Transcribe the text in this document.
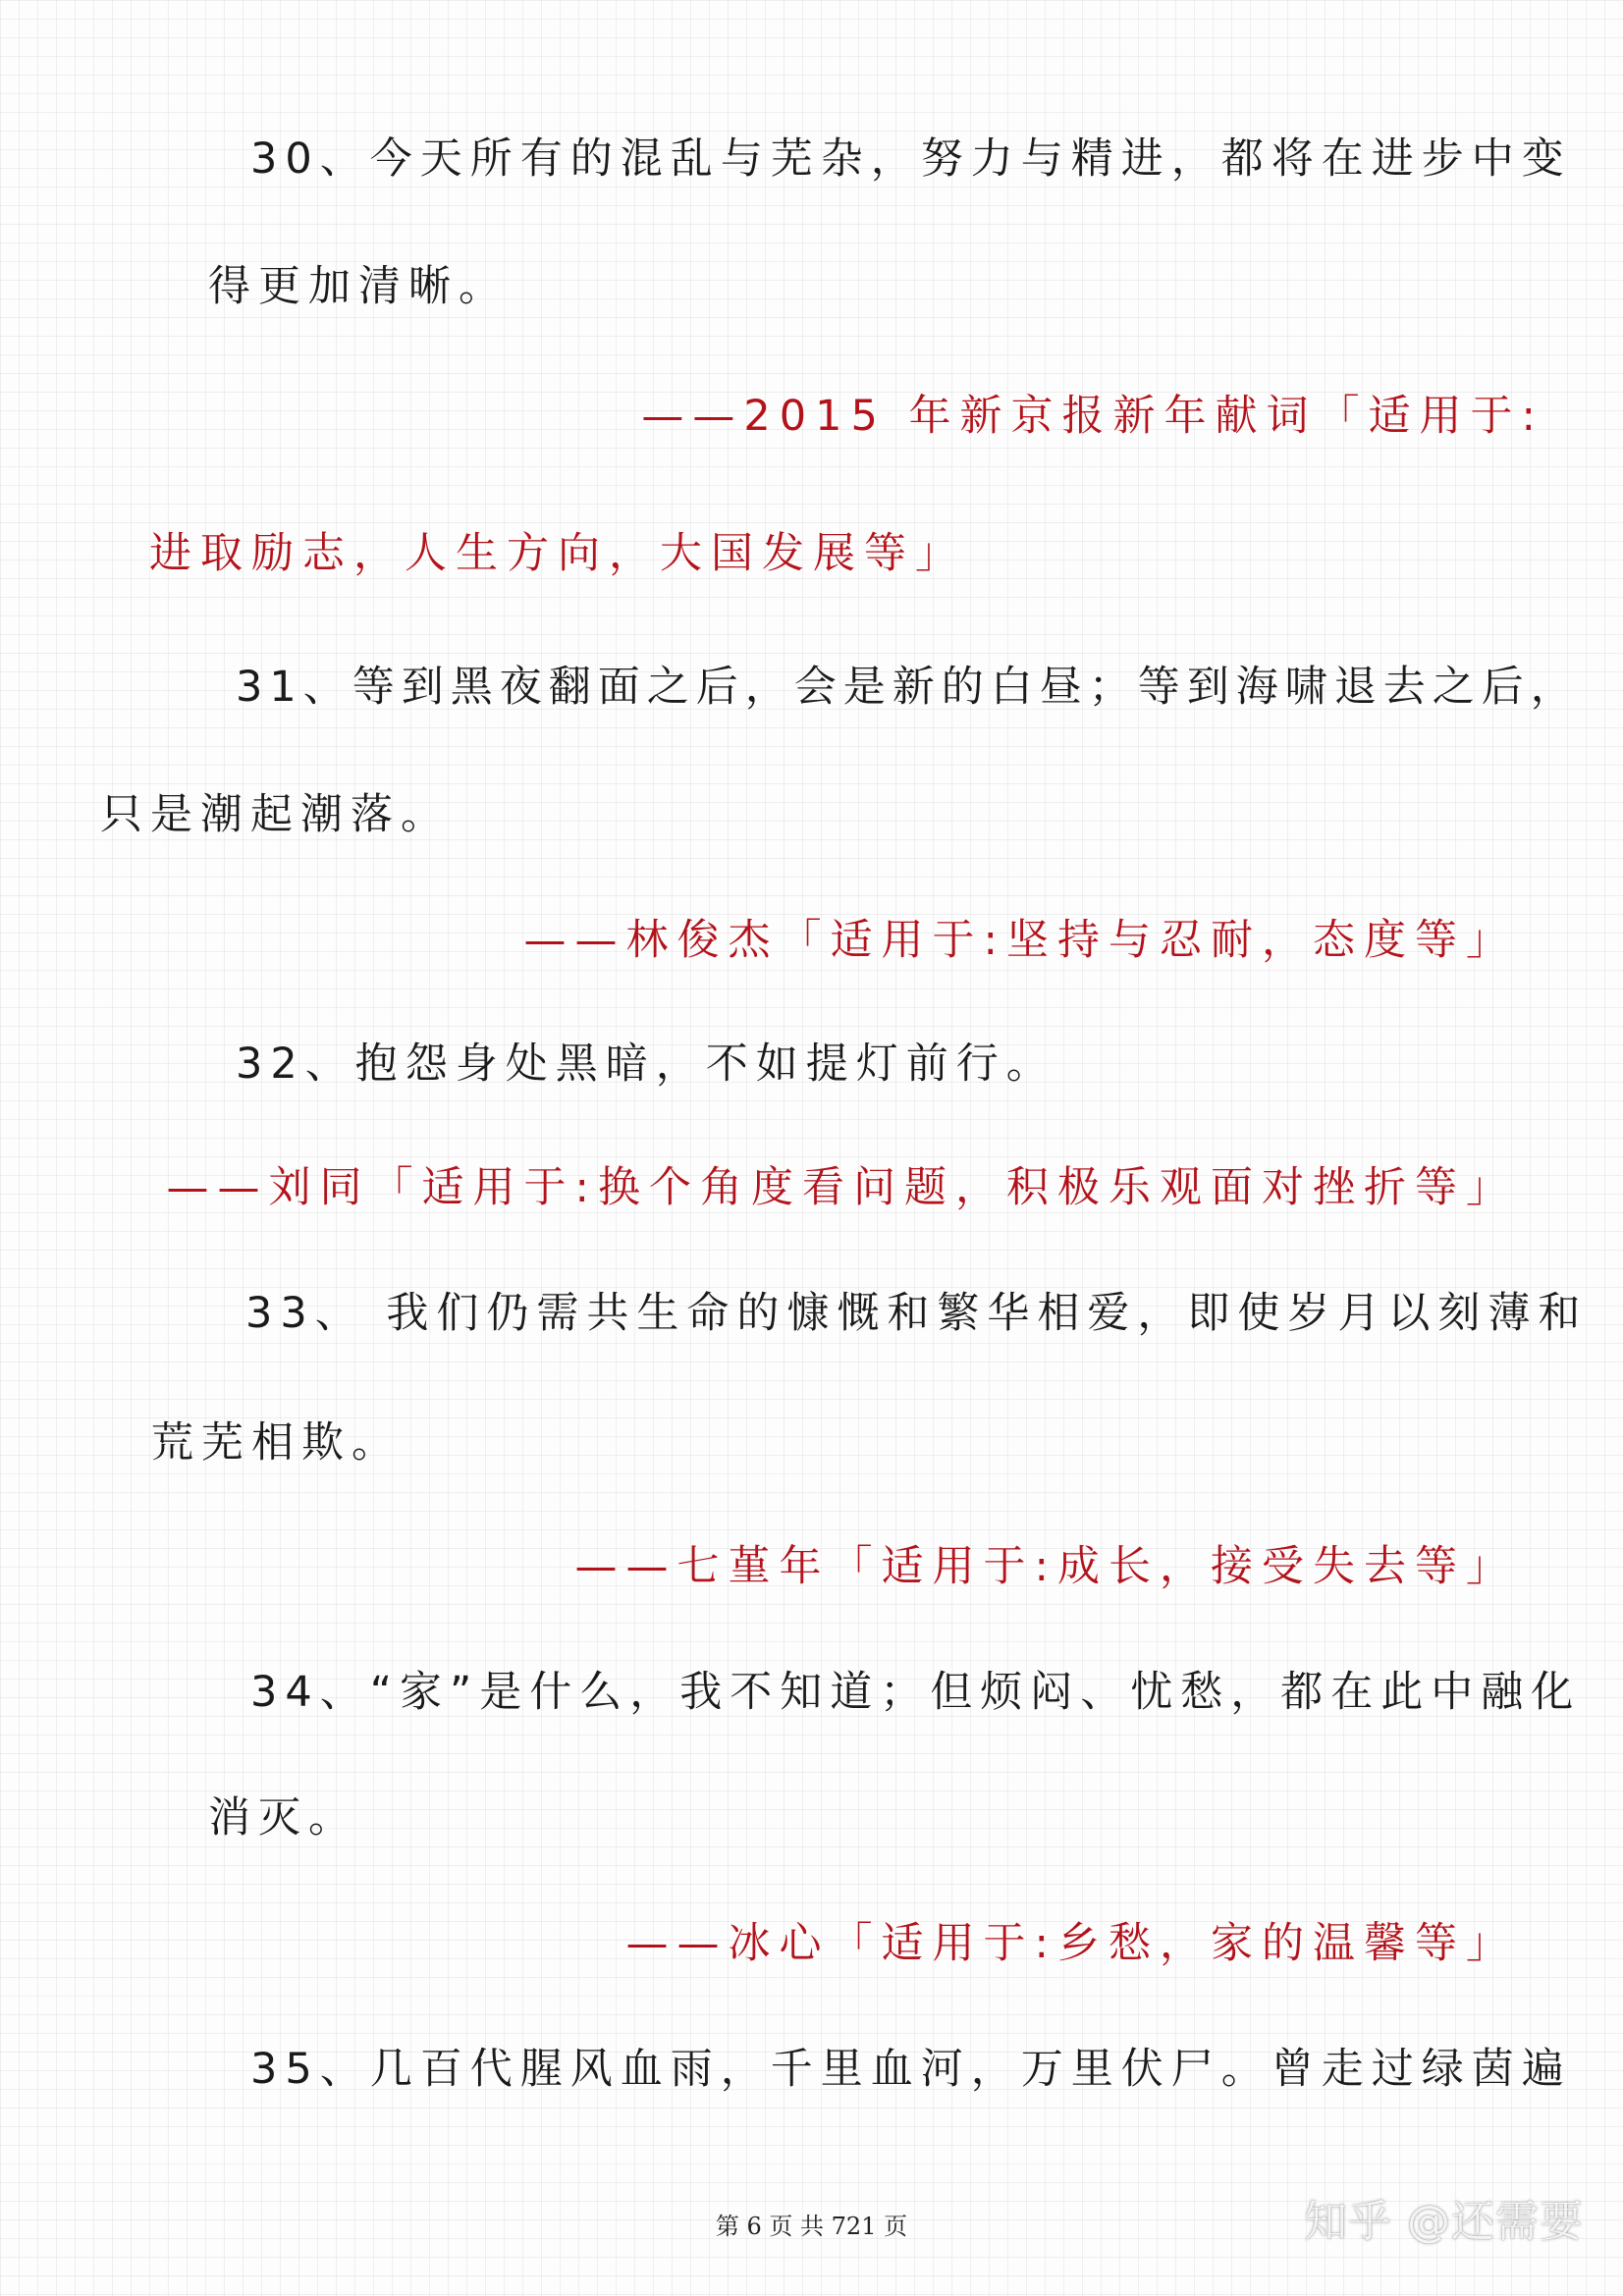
30、今天所有的混乱与芜杂，努力与精进，都将在进步中变
得更加清晰。
——2015 年新京报新年献词「适用于:
进取励志，人生方向，大国发展等」
31、等到黑夜翻面之后，会是新的白昼；等到海啸退去之后，
只是潮起潮落。
——林俊杰「适用于:坚持与忍耐，态度等」
32、抱怨身处黑暗，不如提灯前行。
——刘同「适用于:换个角度看问题，积极乐观面对挫折等」
33、 我们仍需共生命的慷慨和繁华相爱，即使岁月以刻薄和
荒芜相欺。
——七堇年「适用于:成长，接受失去等」
34、“家”是什么，我不知道；但烦闷、忧愁，都在此中融化
消灭。
——冰心「适用于:乡愁，家的温馨等」
35、几百代腥风血雨，千里血河，万里伏尸。曾走过绿茵遍
第 6 页 共 721 页	知乎 @还需要
